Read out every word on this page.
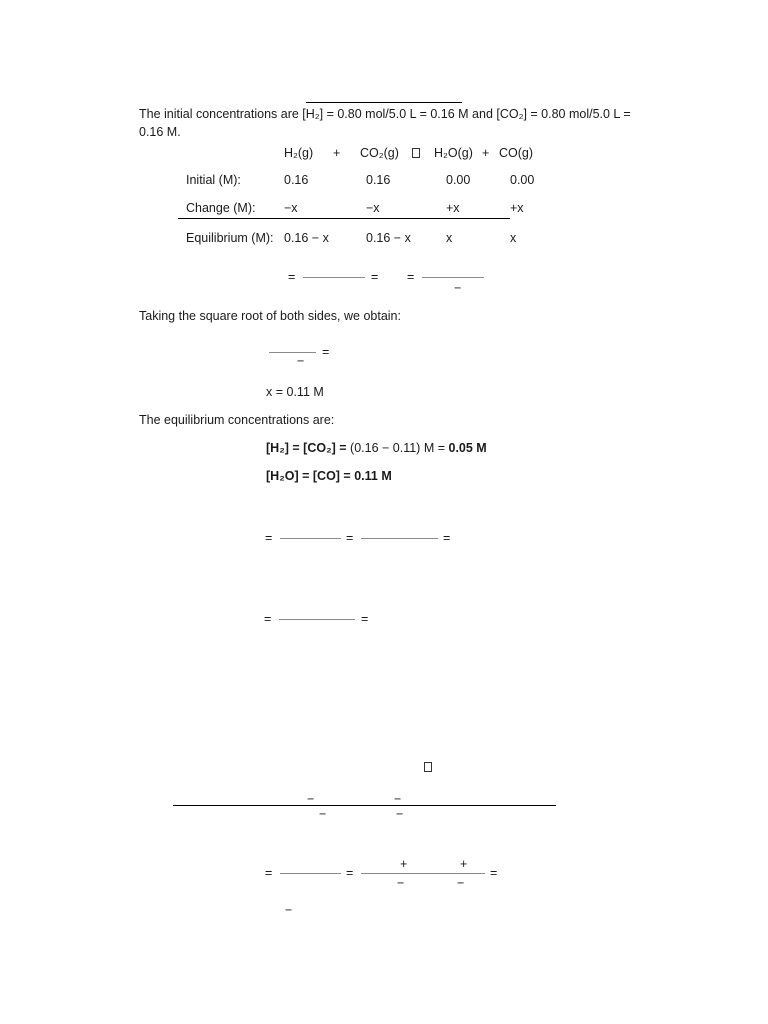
The initial concentrations are [H₂] = 0.80 mol/5.0 L = 0.16 M and [CO₂] = 0.80 mol/5.0 L =
0.16 M.
H₂(g) + CO₂(g)	H₂O(g) + CO(g)
Initial (M):	0.16	0.16	0.00	0.00
Change (M): −x	−x	+x	+x
Equilibrium (M): 0.16 − x	0.16 − x	x	x
=	= =
−
Taking the square root of both sides, we obtain:
−
=
x = 0.11 M
The equilibrium concentrations are:
[H₂] = [CO₂] = (0.16 − 0.11) M = 0.05 M
[H₂O] = [CO] = 0.11 M
=	=	=
=	=
−	−
−	−
+	+
=	=	=
−	−
−
